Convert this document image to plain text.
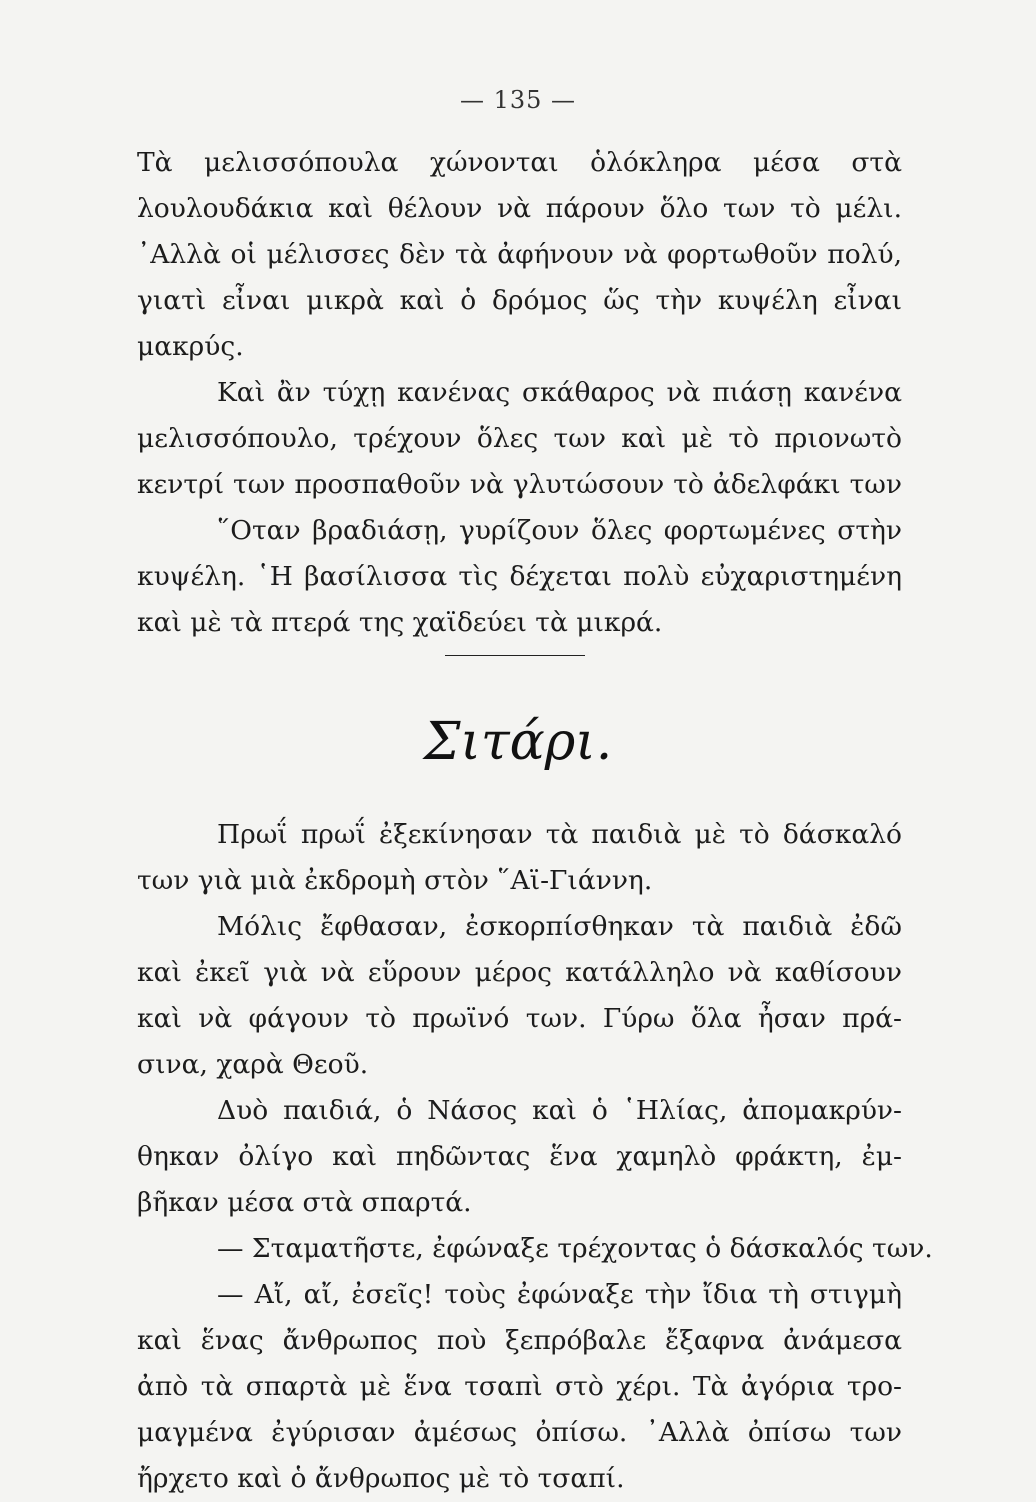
— 135 —
Τὰ μελισσόπουλα χώνονται ὁλόκληρα μέσα στὰ
λουλουδάκια καὶ θέλουν νὰ πάρουν ὅλο των τὸ μέλι.
᾿Αλλὰ οἱ μέλισσες δὲν τὰ ἀφήνουν νὰ φορτωθοῦν πολύ,
γιατὶ εἶναι μικρὰ καὶ ὁ δρόμος ὥς τὴν κυψέλη εἶναι
μακρύς.
Καὶ ἂν τύχῃ κανένας σκάθαρος νὰ πιάσῃ κανένα
μελισσόπουλο, τρέχουν ὅλες των καὶ μὲ τὸ πριονωτὸ
κεντρί των προσπαθοῦν νὰ γλυτώσουν τὸ ἀδελφάκι των
῞Οταν βραδιάσῃ, γυρίζουν ὅλες φορτωμένες στὴν
κυψέλη. ῾Η βασίλισσα τὶς δέχεται πολὺ εὐχαριστημένη
καὶ μὲ τὰ πτερά της χαϊδεύει τὰ μικρά.
Σιτάρι.
Πρωΐ πρωΐ ἐξεκίνησαν τὰ παιδιὰ μὲ τὸ δάσκαλό
των γιὰ μιὰ ἐκδρομὴ στὸν ῞Αϊ-Γιάννη.
Μόλις ἔφθασαν, ἐσκορπίσθηκαν τὰ παιδιὰ ἐδῶ
καὶ ἐκεῖ γιὰ νὰ εὕρουν μέρος κατάλληλο νὰ καθίσουν
καὶ νὰ φάγουν τὸ πρωϊνό των. Γύρω ὅλα ἦσαν πρά-
σινα, χαρὰ Θεοῦ.
Δυὸ παιδιά, ὁ Νάσος καὶ ὁ ῾Ηλίας, ἀπομακρύν-
θηκαν ὀλίγο καὶ πηδῶντας ἕνα χαμηλὸ φράκτη, ἐμ-
βῆκαν μέσα στὰ σπαρτά.
— Σταματῆστε, ἐφώναξε τρέχοντας ὁ δάσκαλός των.
— Αἴ, αἴ, ἐσεῖς! τοὺς ἐφώναξε τὴν ἴδια τὴ στιγμὴ
καὶ ἕνας ἄνθρωπος ποὺ ξεπρόβαλε ἔξαφνα ἀνάμεσα
ἀπὸ τὰ σπαρτὰ μὲ ἕνα τσαπὶ στὸ χέρι. Τὰ ἀγόρια τρο-
μαγμένα ἐγύρισαν ἀμέσως ὀπίσω. ᾿Αλλὰ ὀπίσω των
ἤρχετο καὶ ὁ ἄνθρωπος μὲ τὸ τσαπί.
